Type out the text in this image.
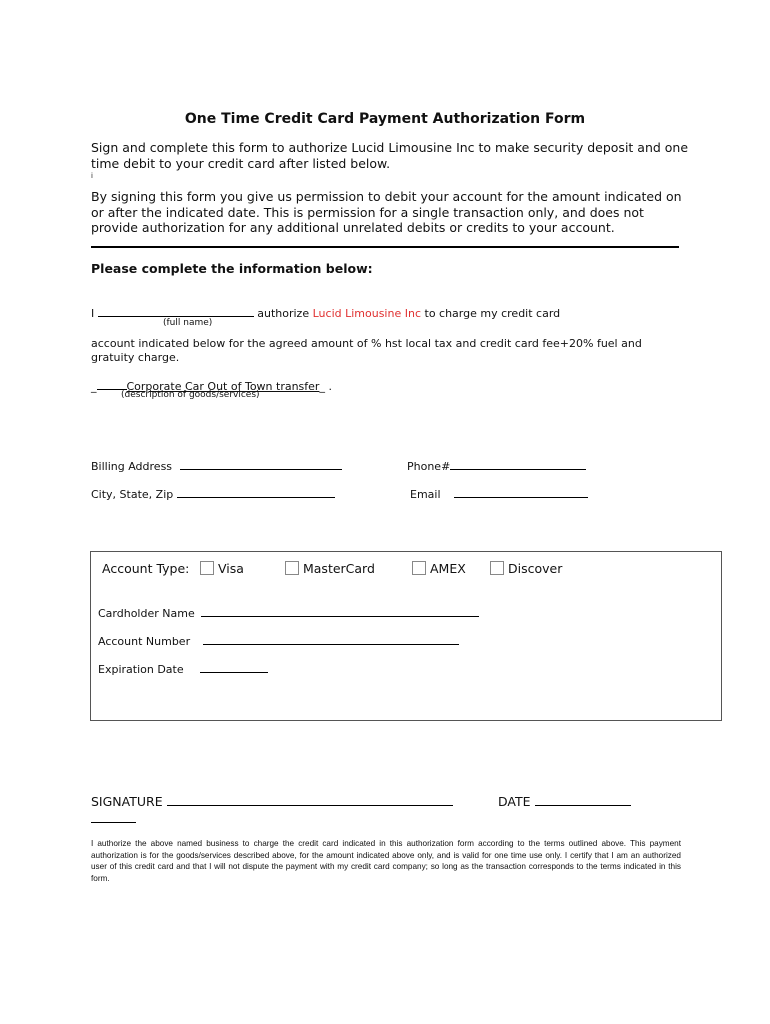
One Time Credit Card Payment Authorization Form
Sign and complete this form to authorize Lucid Limousine Inc to make security deposit and one time debit to your credit card after listed below.
i
By signing this form you give us permission to debit your account for the amount indicated on or after the indicated date. This is permission for a single transaction only, and does not provide authorization for any additional unrelated debits or credits to your account.
Please complete the information below:
I	authorize Lucid Limousine Inc to charge my credit card
(full name)
account indicated below for the agreed amount of % hst local tax and credit card fee+20% fuel and gratuity charge.
_	Corporate Car Out of Town transfer_ .
(description of goods/services)
Billing Address	Phone#
City, State, Zip	Email
Account Type:	Visa	MasterCard	AMEX	Discover
Cardholder Name
Account Number
Expiration Date
SIGNATURE	DATE
I authorize the above named business to charge the credit card indicated in this authorization form according to the terms outlined above. This payment authorization is for the goods/services described above, for the amount indicated above only, and is valid for one time use only. I certify that I am an authorized user of this credit card and that I will not dispute the payment with my credit card company; so long as the transaction corresponds to the terms indicated in this form.
